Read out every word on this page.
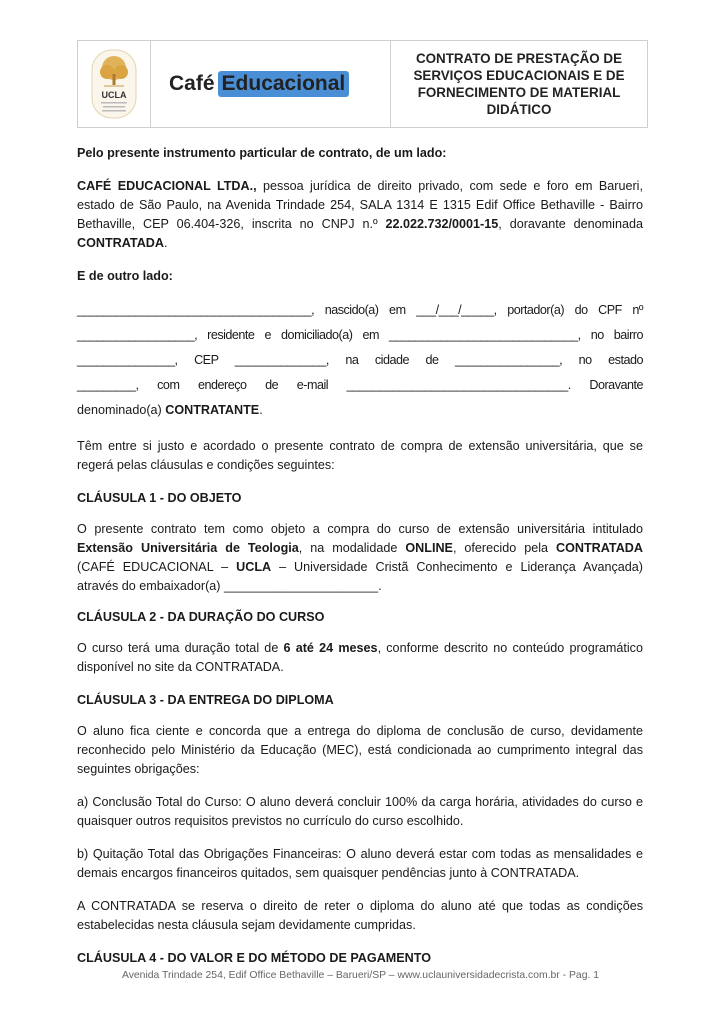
UCLA Café Educacional
CONTRATO DE PRESTAÇÃO DE SERVIÇOS EDUCACIONAIS E DE FORNECIMENTO DE MATERIAL DIDÁTICO

Pelo presente instrumento particular de contrato, de um lado:

CAFÉ EDUCACIONAL LTDA., pessoa jurídica de direito privado, com sede e foro em Barueri, estado de São Paulo, na Avenida Trindade 254, SALA 1314 E 1315 Edif Office Bethaville - Bairro Bethaville, CEP 06.404-326, inscrita no CNPJ n.º 22.022.732/0001-15, doravante denominada CONTRATADA.

E de outro lado:

____________________________________, nascido(a) em ___/___/_____, portador(a) do CPF nº

__________________, residente e domiciliado(a) em _____________________________, no bairro

_______________, CEP ______________, na cidade de ________________, no estado

_________, com endereço de e-mail __________________________________. Doravante

denominado(a) CONTRATANTE.

Têm entre si justo e acordado o presente contrato de compra de extensão universitária, que se regerá pelas cláusulas e condições seguintes:

CLÁUSULA 1 - DO OBJETO

O presente contrato tem como objeto a compra do curso de extensão universitária intitulado Extensão Universitária de Teologia, na modalidade ONLINE, oferecido pela CONTRATADA (CAFÉ EDUCACIONAL – UCLA – Universidade Cristã Conhecimento e Liderança Avançada) através do embaixador(a) ______________________.

CLÁUSULA 2 - DA DURAÇÃO DO CURSO

O curso terá uma duração total de 6 até 24 meses, conforme descrito no conteúdo programático disponível no site da CONTRATADA.

CLÁUSULA 3 - DA ENTREGA DO DIPLOMA

O aluno fica ciente e concorda que a entrega do diploma de conclusão de curso, devidamente reconhecido pelo Ministério da Educação (MEC), está condicionada ao cumprimento integral das seguintes obrigações:

a) Conclusão Total do Curso: O aluno deverá concluir 100% da carga horária, atividades do curso e quaisquer outros requisitos previstos no currículo do curso escolhido.

b) Quitação Total das Obrigações Financeiras: O aluno deverá estar com todas as mensalidades e demais encargos financeiros quitados, sem quaisquer pendências junto à CONTRATADA.

A CONTRATADA se reserva o direito de reter o diploma do aluno até que todas as condições estabelecidas nesta cláusula sejam devidamente cumpridas.

CLÁUSULA 4 - DO VALOR E DO MÉTODO DE PAGAMENTO

Avenida Trindade 254, Edif Office Bethaville – Barueri/SP – www.uclauniversidadecrista.com.br - Pag. 1
